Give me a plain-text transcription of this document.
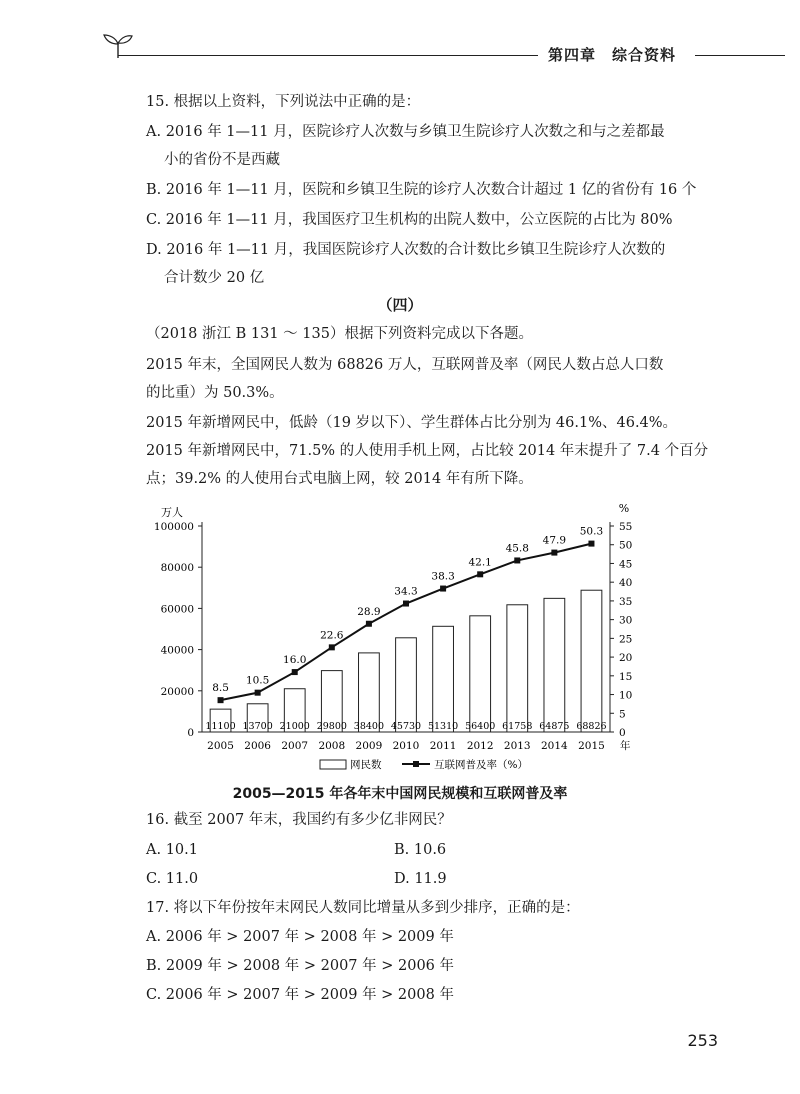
第四章　综合资料
15. 根据以上资料，下列说法中正确的是：
A. 2016 年 1—11 月，医院诊疗人次数与乡镇卫生院诊疗人次数之和与之差都最
小的省份不是西藏
B. 2016 年 1—11 月，医院和乡镇卫生院的诊疗人次数合计超过 1 亿的省份有 16 个
C. 2016 年 1—11 月，我国医疗卫生机构的出院人数中，公立医院的占比为 80%
D. 2016 年 1—11 月，我国医院诊疗人次数的合计数比乡镇卫生院诊疗人次数的
合计数少 20 亿
（四）
（2018 浙江 B 131 ～ 135）根据下列资料完成以下各题。
2015 年末，全国网民人数为 68826 万人，互联网普及率（网民人数占总人口数
的比重）为 50.3%。
2015 年新增网民中，低龄（19 岁以下）、学生群体占比分别为 46.1%、46.4%。
2015 年新增网民中，71.5% 的人使用手机上网，占比较 2014 年末提升了 7.4 个百分
点；39.2% 的人使用台式电脑上网，较 2014 年有所下降。
万人	%
0
20000
40000
60000
80000
100000
0
5
10
15
20
25
30
35
40
45
50
55
11100 13700 21000 29800 38400 45730 51310 56400 61758 64875 68826
2005 2006 2007 2008 2009 2010 2011 2012 2013 2014 2015 年
8.5
10.5
16.0
22.6
28.9
34.3
38.3
42.1
45.8
47.9
50.3
网民数	互联网普及率（%）
2005—2015 年各年末中国网民规模和互联网普及率
16. 截至 2007 年末，我国约有多少亿非网民？
A. 10.1	B. 10.6
C. 11.0	D. 11.9
17. 将以下年份按年末网民人数同比增量从多到少排序，正确的是：
A. 2006 年 > 2007 年 > 2008 年 > 2009 年
B. 2009 年 > 2008 年 > 2007 年 > 2006 年
C. 2006 年 > 2007 年 > 2009 年 > 2008 年
253
